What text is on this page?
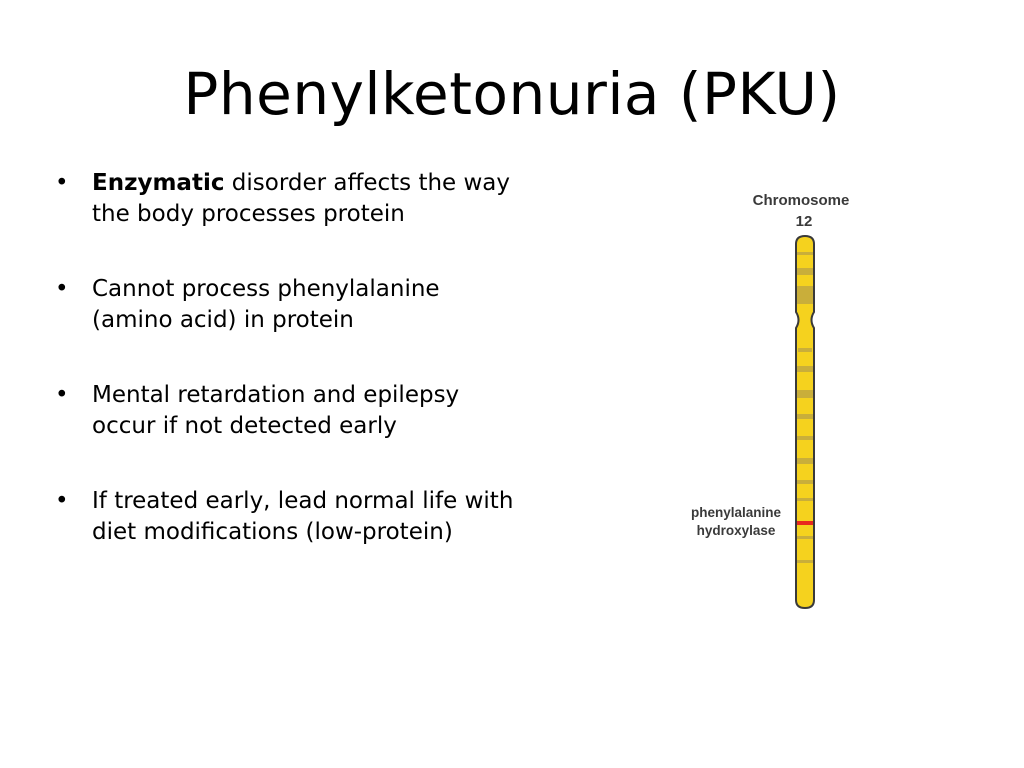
Phenylketonuria (PKU)
• Enzymatic disorder affects the way the body processes protein
• Cannot process phenylalanine (amino acid) in protein
• Mental retardation and epilepsy occur if not detected early
• If treated early, lead normal life with diet modifications (low-protein)
Chromosome
12
phenylalanine
hydroxylase
